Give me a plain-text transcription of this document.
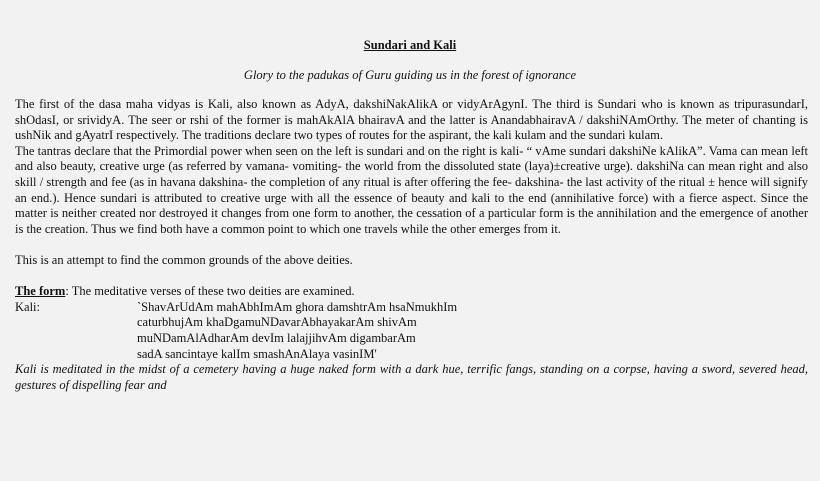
Sundari and Kali
Glory to the padukas of Guru guiding us in the forest of ignorance

The first of the dasa maha vidyas is Kali, also known as AdyA, dakshiNakAlikA or vidyArAgynI. The third is Sundari who is known as tripurasundarI, shOdasI, or srividyA. The seer or rshi of the former is mahAkAlA bhairavA and the latter is AnandabhairavA / dakshiNAmOrthy. The meter of chanting is ushNik and gAyatrI respectively. The traditions declare two types of routes for the aspirant, the kali kulam and the sundari kulam.

The tantras declare that the Primordial power when seen on the left is sundari and on the right is kali- “ vAme sundari dakshiNe kAlikA”. Vama can mean left and also beauty, creative urge (as referred by vamana- vomiting- the world from the dissoluted state (laya)±creative urge). dakshiNa can mean right and also skill / strength and fee (as in havana dakshina- the completion of any ritual is after offering the fee- dakshina- the last activity of the ritual ± hence will signify an end.). Hence sundari is attributed to creative urge with all the essence of beauty and kali to the end (annihilative force) with a fierce aspect. Since the matter is neither created nor destroyed it changes from one form to another, the cessation of a particular form is the annihilation and the emergence of another is the creation. Thus we find both have a common point to which one travels while the other emerges from it.

This is an attempt to find the common grounds of the above deities.

The form: The meditative verses of these two deities are examined.

Kali:	`ShavArUdAm mahAbhImAm ghora damshtrAm hsaNmukhIm

caturbhujAm khaDgamuNDavarAbhayakarAm shivAm

muNDamAlAdharAm devIm lalajjihvAm digambarAm

sadA sancintaye kalIm smashAnAlaya vasinIM'

Kali is meditated in the midst of a cemetery having a huge naked form with a dark hue, terrific fangs, standing on a corpse, having a sword, severed head, gestures of dispelling fear and
